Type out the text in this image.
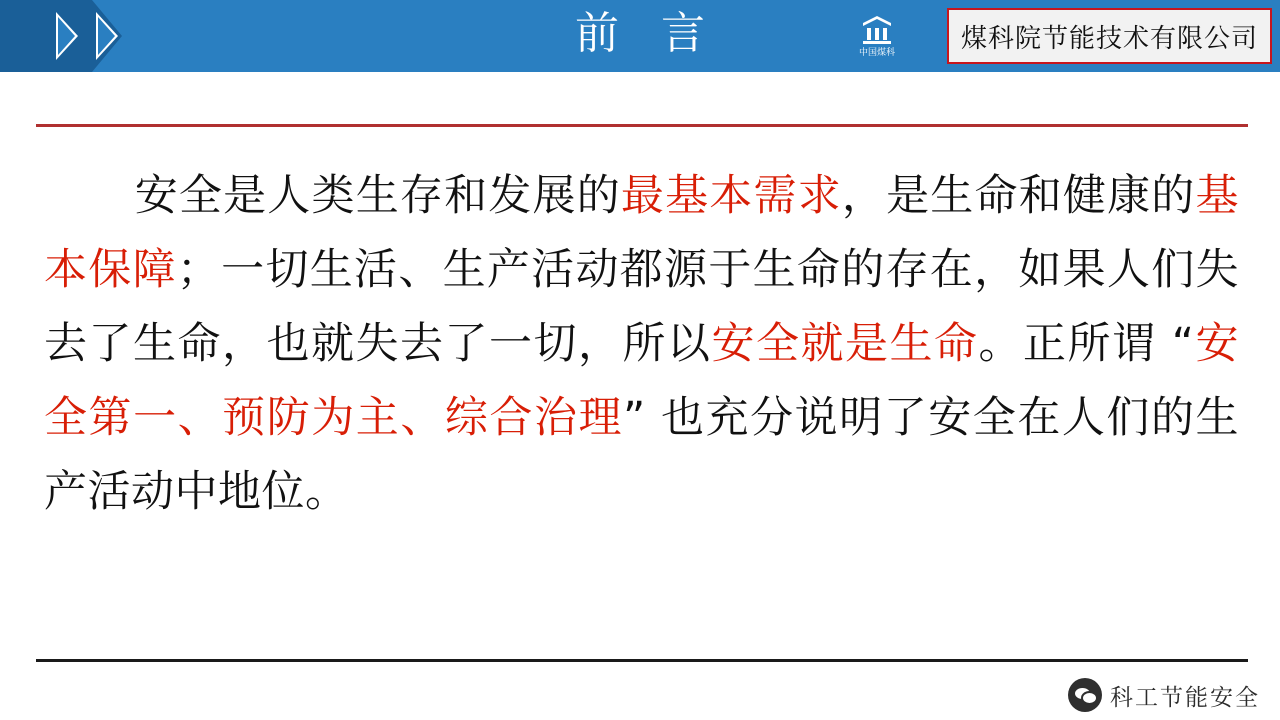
前 言	中国煤科	煤科院节能技术有限公司
安全是人类生存和发展的最基本需求，是生命和健康的基本保障；一切生活、生产活动都源于生命的存在，如果人们失去了生命，也就失去了一切，所以安全就是生命。正所谓 “安全第一、预防为主、综合治理” 也充分说明了安全在人们的生产活动中地位。
科工节能安全
